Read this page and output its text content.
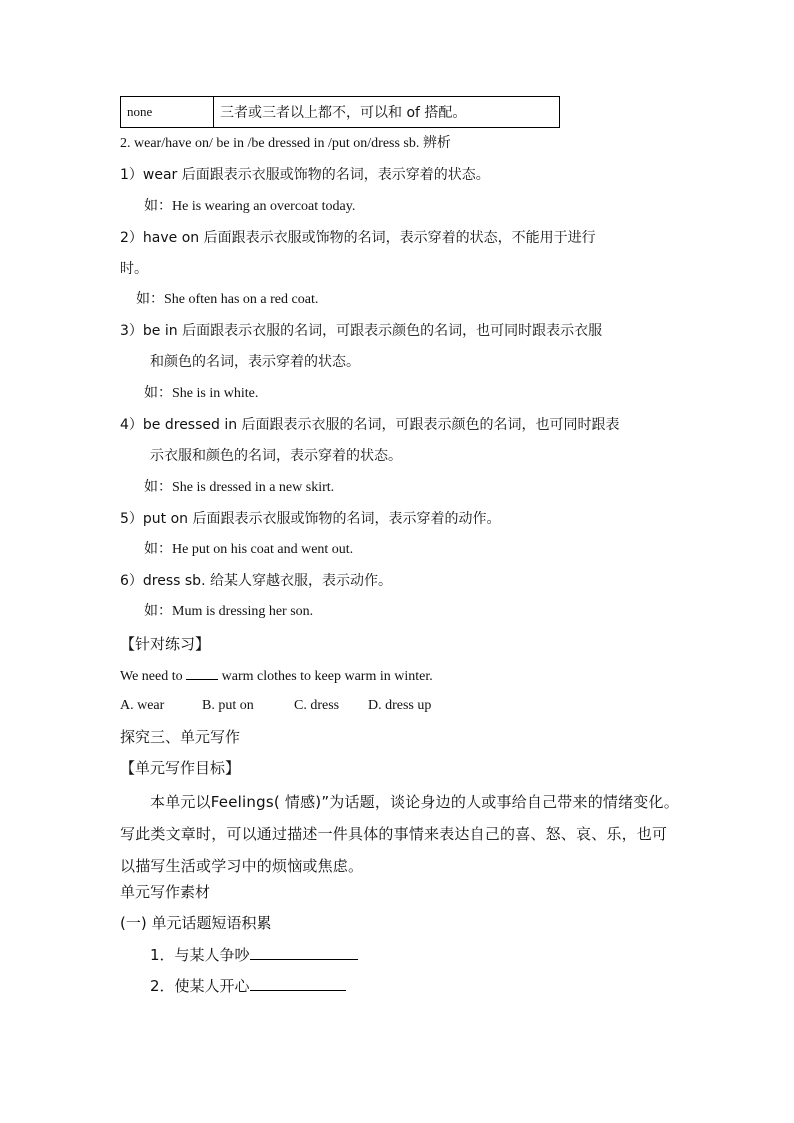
none	三者或三者以上都不，可以和 of 搭配。
2. wear/have on/ be in /be dressed in /put on/dress sb. 辨析
1）wear 后面跟表示衣服或饰物的名词，表示穿着的状态。
如：He is wearing an overcoat today.
2）have on 后面跟表示衣服或饰物的名词，表示穿着的状态，不能用于进行
时。
如：She often has on a red coat.
3）be in 后面跟表示衣服的名词，可跟表示颜色的名词，也可同时跟表示衣服
和颜色的名词，表示穿着的状态。
如：She is in white.
4）be dressed in 后面跟表示衣服的名词，可跟表示颜色的名词，也可同时跟表
示衣服和颜色的名词，表示穿着的状态。
如：She is dressed in a new skirt.
5）put on 后面跟表示衣服或饰物的名词，表示穿着的动作。
如：He put on his coat and went out.
6）dress sb. 给某人穿越衣服，表示动作。
如：Mum is dressing her son.
【针对练习】
We need to  warm clothes to keep warm in winter.
A. wear	B. put on	C. dress D. dress up
探究三、单元写作
【单元写作目标】
本单元以Feelings( 情感)”为话题，谈论身边的人或事给自己带来的情绪变化。写此类文章时，可以通过描述一件具体的事情来表达自己的喜、怒、哀、乐，也可以描写生活或学习中的烦恼或焦虑。
单元写作素材
(一) 单元话题短语积累
1．与某人争吵
2．使某人开心
